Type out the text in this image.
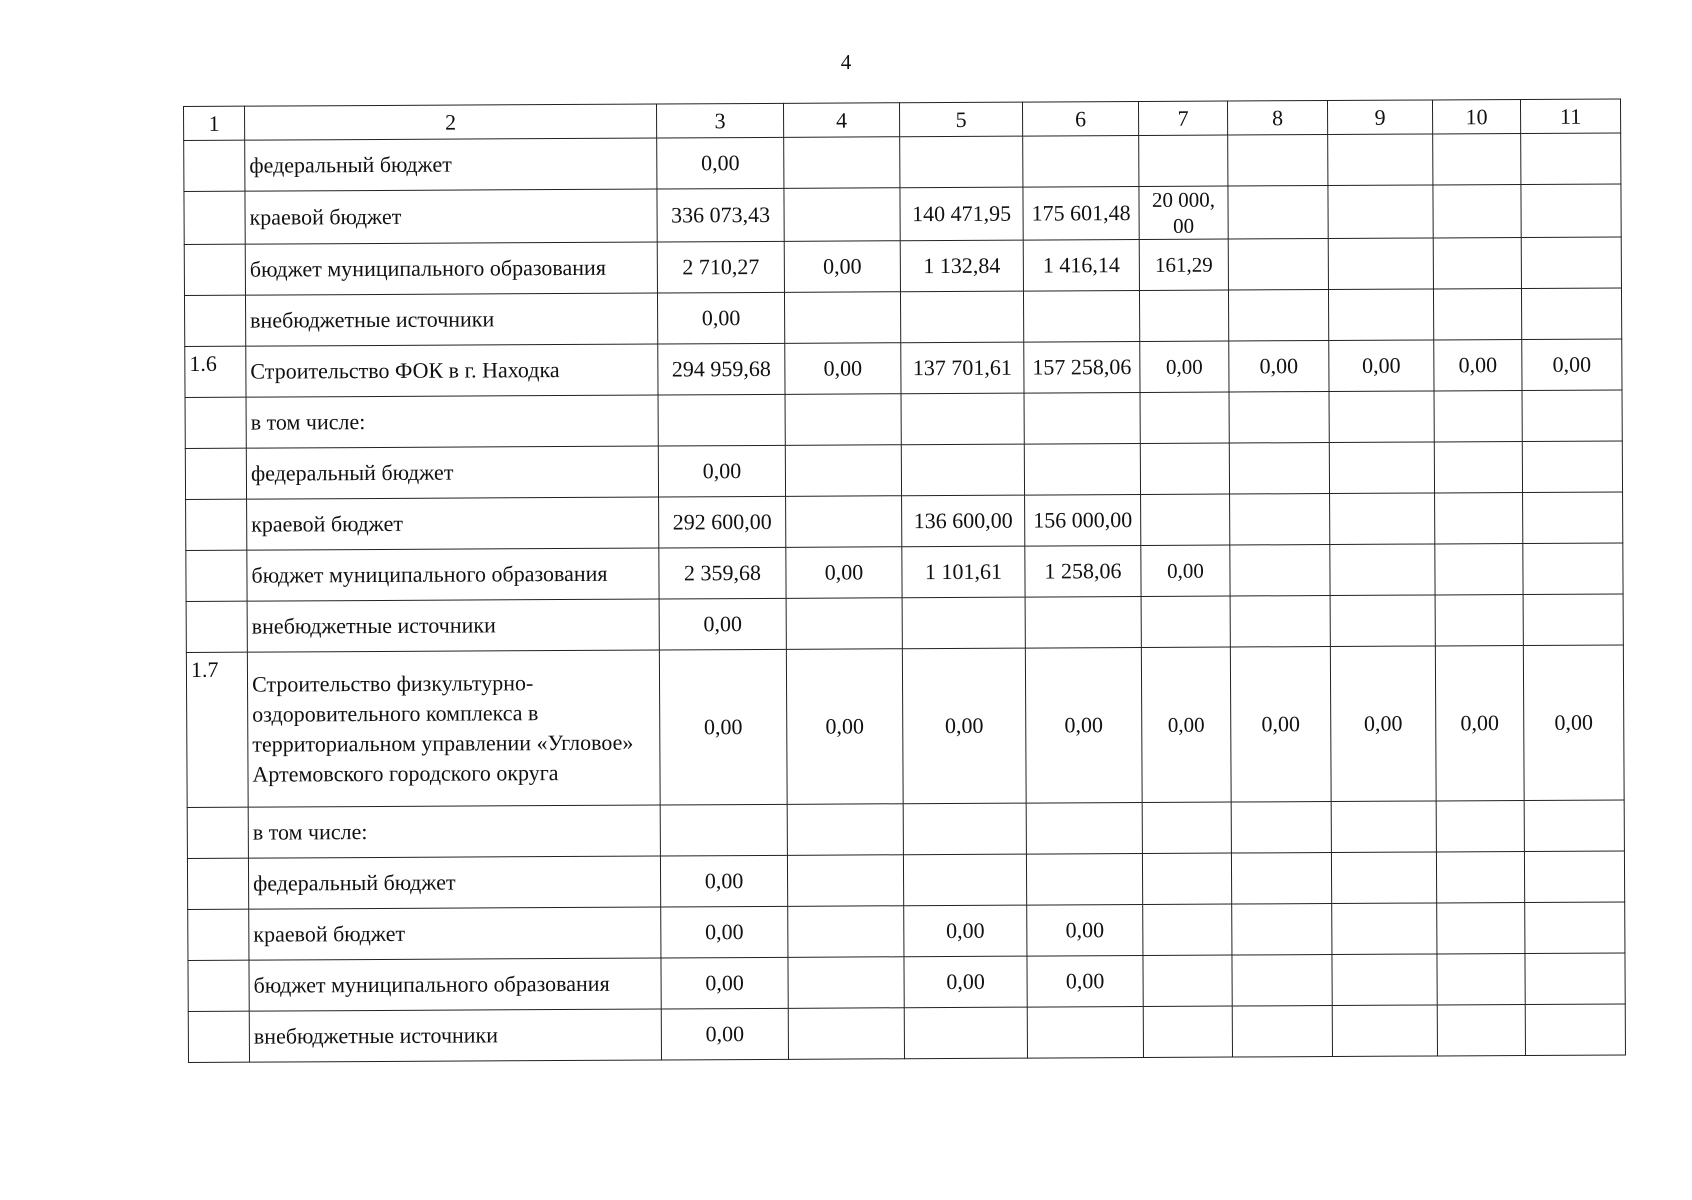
4
1	2	3	4	5	6	7	8	9	10	11
	федеральный бюджет	0,00								
	краевой бюджет	336 073,43		140 471,95	175 601,48	20 000, 00				
	бюджет муниципального образования	2 710,27	0,00	1 132,84	1 416,14	161,29				
	внебюджетные источники	0,00								
1.6	Строительство ФОК в г. Находка	294 959,68	0,00	137 701,61	157 258,06	0,00	0,00	0,00	0,00	0,00
	в том числе:									
	федеральный бюджет	0,00								
	краевой бюджет	292 600,00		136 600,00	156 000,00					
	бюджет муниципального образования	2 359,68	0,00	1 101,61	1 258,06	0,00				
	внебюджетные источники	0,00								
1.7	Строительство физкультурно-оздоровительного комплекса в территориальном управлении «Угловое» Артемовского городского округа	0,00	0,00	0,00	0,00	0,00	0,00	0,00	0,00	0,00
	в том числе:									
	федеральный бюджет	0,00								
	краевой бюджет	0,00		0,00	0,00					
	бюджет муниципального образования	0,00		0,00	0,00					
	внебюджетные источники	0,00								
